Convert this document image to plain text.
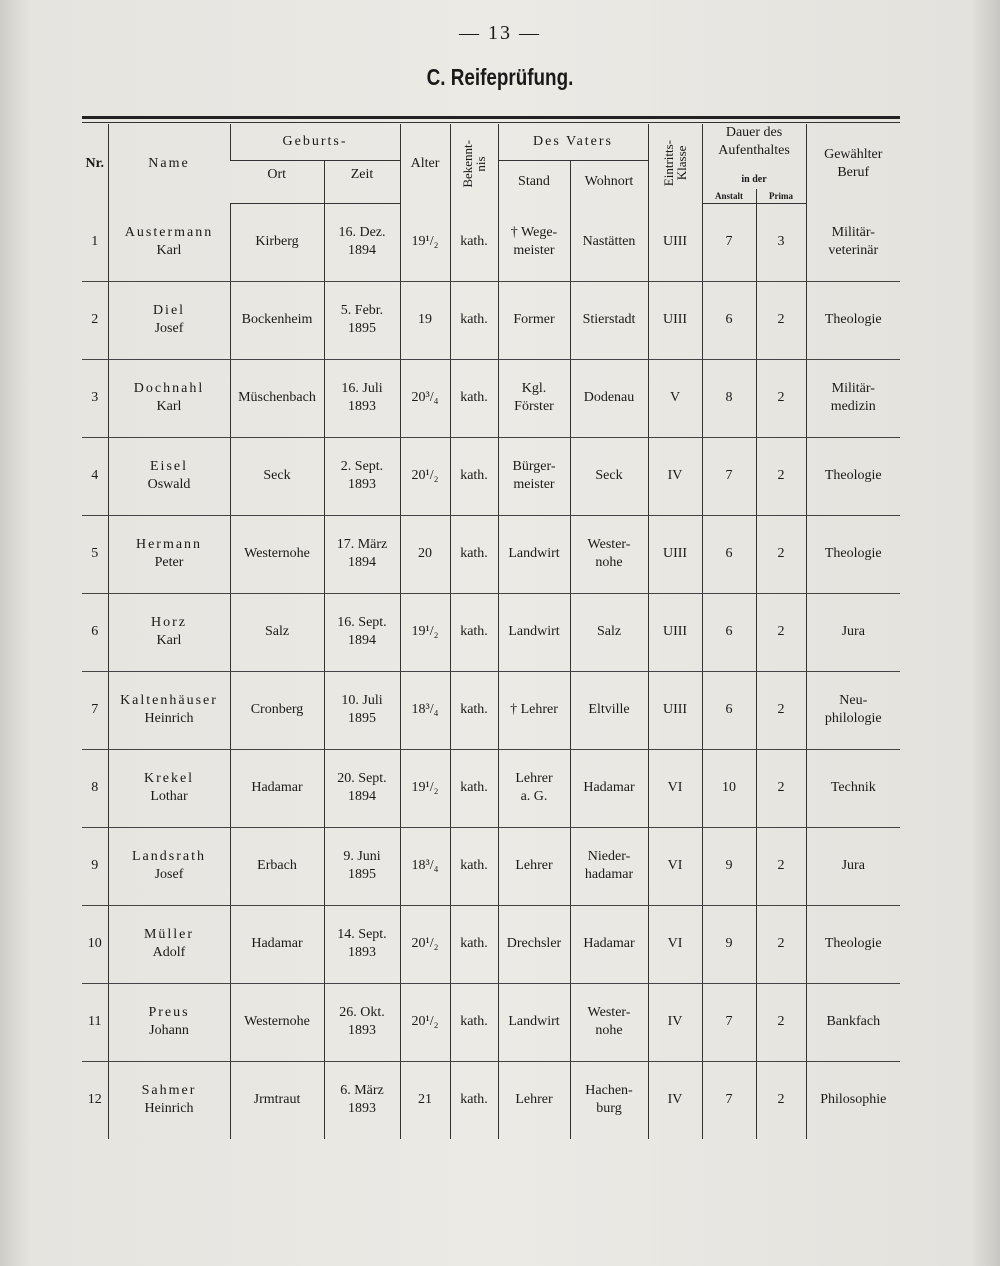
— 13 —
C. Reifeprüfung.
Nr.	Name	Geburts-		Alter	Bekennt-
nis	Des Vaters		Eintritts-
Klasse	Dauer des Aufenthaltes		Gewählter Beruf
		Ort	Zeit			Stand	Wohnort		in der		
									Anstalt	Prima	

1	Austermann
Karl	Kirberg	16. Dez.
1894	19¹/₂	kath.	† Wege-
meister	Nastätten	UIII	7	3	Militär-
veterinär

2	Diel
Josef	Bockenheim	5. Febr.
1895	19	kath.	Former	Stierstadt	UIII	6	2	Theologie

3	Dochnahl
Karl	Müschenbach	16. Juli
1893	20³/₄	kath.	Kgl.
Förster	Dodenau	V	8	2	Militär-
medizin

4	Eisel
Oswald	Seck	2. Sept.
1893	20¹/₂	kath.	Bürger-
meister	Seck	IV	7	2	Theologie

5	Hermann
Peter	Westernohe	17. März
1894	20	kath.	Landwirt	Wester-
nohe	UIII	6	2	Theologie

6	Horz
Karl	Salz	16. Sept.
1894	19¹/₂	kath.	Landwirt	Salz	UIII	6	2	Jura

7	Kaltenhäuser
Heinrich	Cronberg	10. Juli
1895	18³/₄	kath.	† Lehrer	Eltville	UIII	6	2	Neu-
philologie

8	Krekel
Lothar	Hadamar	20. Sept.
1894	19¹/₂	kath.	Lehrer
a. G.	Hadamar	VI	10	2	Technik

9	Landsrath
Josef	Erbach	9. Juni
1895	18³/₄	kath.	Lehrer	Nieder-
hadamar	VI	9	2	Jura

10	Müller
Adolf	Hadamar	14. Sept.
1893	20¹/₂	kath.	Drechsler	Hadamar	VI	9	2	Theologie

11	Preus
Johann	Westernohe	26. Okt.
1893	20¹/₂	kath.	Landwirt	Wester-
nohe	IV	7	2	Bankfach

12	Sahmer
Heinrich	Jrmtraut	6. März
1893	21	kath.	Lehrer	Hachen-
burg	IV	7	2	Philosophie
